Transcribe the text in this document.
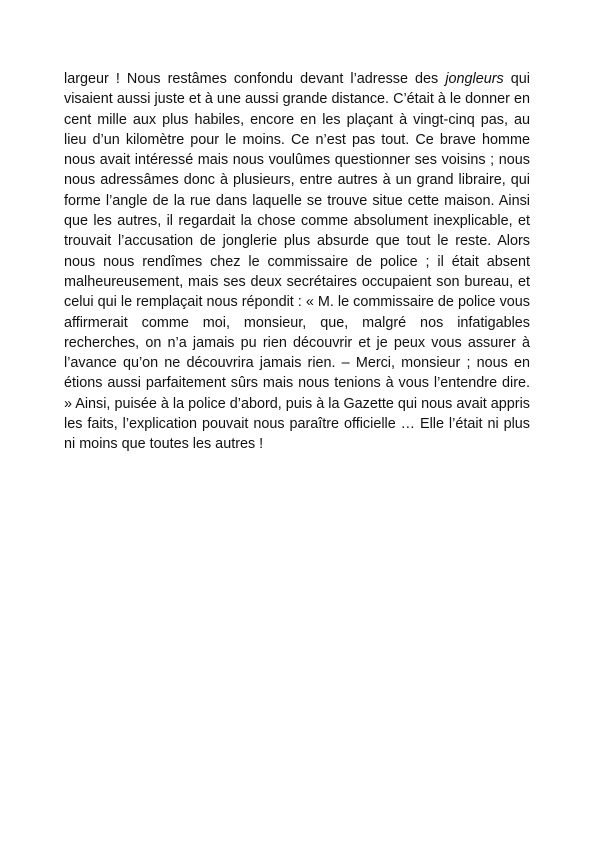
largeur ! Nous restâmes confondu devant l’adresse des jongleurs qui visaient aussi juste et à une aussi grande distance. C’était à le donner en cent mille aux plus habiles, encore en les plaçant à vingt-cinq pas, au lieu d’un kilomètre pour le moins. Ce n’est pas tout. Ce brave homme nous avait intéressé mais nous voulûmes questionner ses voisins ; nous nous adressâmes donc à plusieurs, entre autres à un grand libraire, qui forme l’angle de la rue dans laquelle se trouve situe cette maison. Ainsi que les autres, il regardait la chose comme absolument inexplicable, et trouvait l’accusation de jonglerie plus absurde que tout le reste. Alors nous nous rendîmes chez le commissaire de police ; il était absent malheureusement, mais ses deux secrétaires occupaient son bureau, et celui qui le remplaçait nous répondit : « M. le commissaire de police vous affirmerait comme moi, monsieur, que, malgré nos infatigables recherches, on n’a jamais pu rien découvrir et je peux vous assurer à l’avance qu’on ne découvrira jamais rien. – Merci, monsieur ; nous en étions aussi parfaitement sûrs mais nous tenions à vous l’entendre dire. » Ainsi, puisée à la police d’abord, puis à la Gazette qui nous avait appris les faits, l’explication pouvait nous paraître officielle … Elle l’était ni plus ni moins que toutes les autres !
